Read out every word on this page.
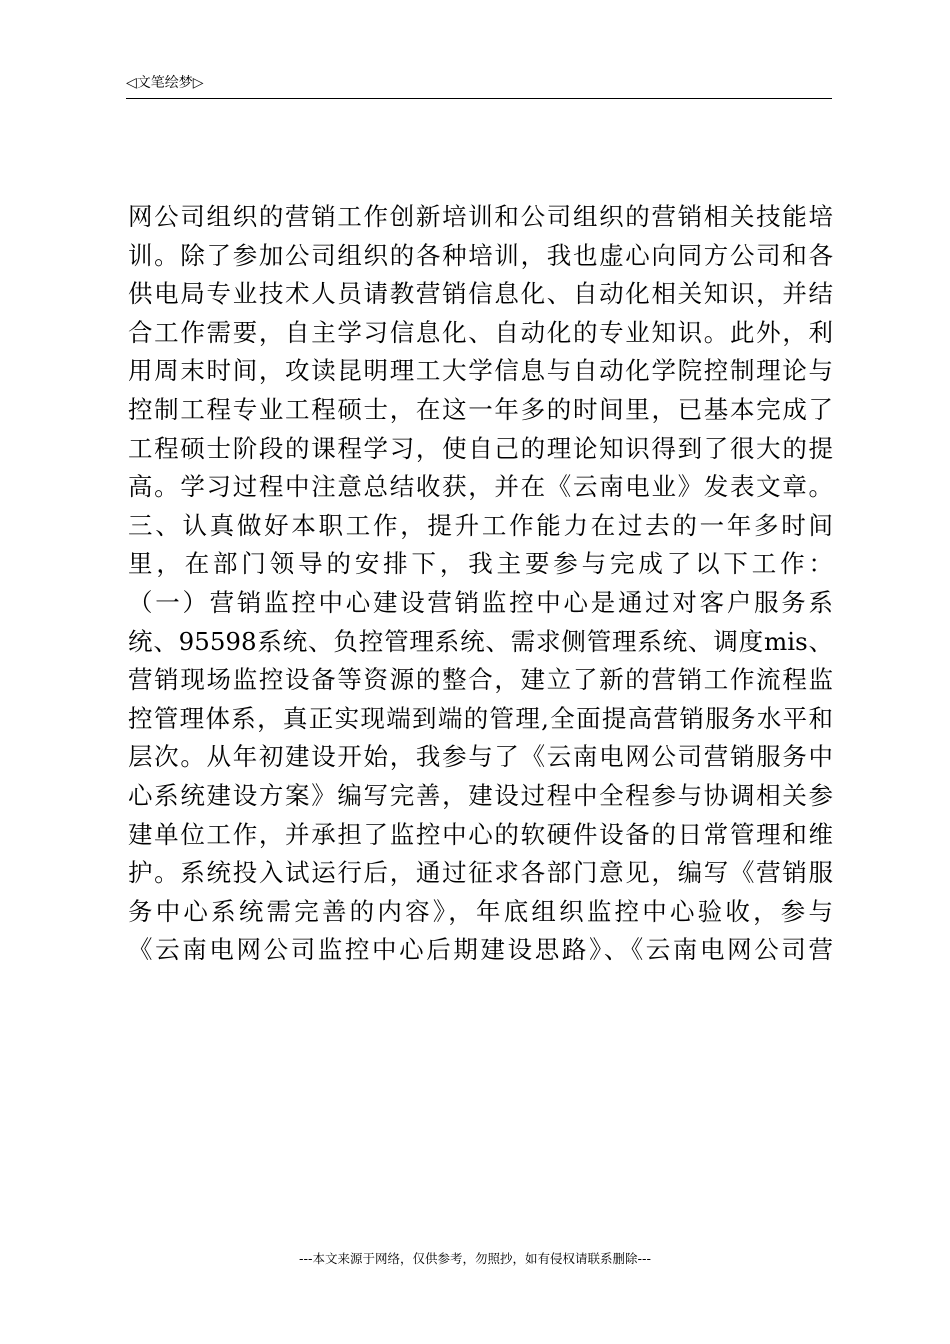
◁文笔绘梦▷
网公司组织的营销工作创新培训和公司组织的营销相关技能培
训。除了参加公司组织的各种培训，我也虚心向同方公司和各
供电局专业技术人员请教营销信息化、自动化相关知识，并结
合工作需要，自主学习信息化、自动化的专业知识。此外，利
用周末时间，攻读昆明理工大学信息与自动化学院控制理论与
控制工程专业工程硕士，在这一年多的时间里，已基本完成了
工程硕士阶段的课程学习，使自己的理论知识得到了很大的提
高。学习过程中注意总结收获，并在《云南电业》发表文章。
三、认真做好本职工作，提升工作能力在过去的一年多时间
里，在部门领导的安排下，我主要参与完成了以下工作：
（一）营销监控中心建设营销监控中心是通过对客户服务系
统、95598系统、负控管理系统、需求侧管理系统、调度mis、
营销现场监控设备等资源的整合，建立了新的营销工作流程监
控管理体系，真正实现端到端的管理,全面提高营销服务水平和
层次。从年初建设开始，我参与了《云南电网公司营销服务中
心系统建设方案》编写完善，建设过程中全程参与协调相关参
建单位工作，并承担了监控中心的软硬件设备的日常管理和维
护。系统投入试运行后，通过征求各部门意见，编写《营销服
务中心系统需完善的内容》，年底组织监控中心验收，参与
《云南电网公司监控中心后期建设思路》、《云南电网公司营
---本文来源于网络，仅供参考，勿照抄，如有侵权请联系删除---
